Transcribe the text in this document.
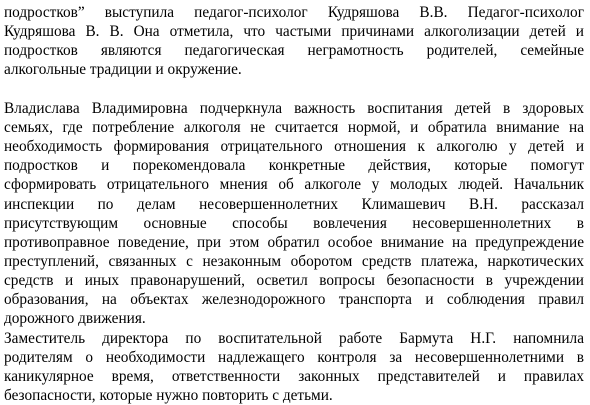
подростков” выступила педагог-психолог Кудряшова В.В. Педагог-психолог
Кудряшова В. В. Она отметила, что частыми причинами алкоголизации детей и
подростков являются педагогическая неграмотность родителей, семейные
алкогольные традиции и окружение.
Владислава Владимировна подчеркнула важность воспитания детей в здоровых
семьях, где потребление алкоголя не считается нормой, и обратила внимание на
необходимость формирования отрицательного отношения к алкоголю у детей и
подростков и порекомендовала конкретные действия, которые помогут
сформировать отрицательного мнения об алкоголе у молодых людей. Начальник
инспекции по делам несовершеннолетних Климашевич В.Н. рассказал
присутствующим основные способы вовлечения несовершеннолетних в
противоправное поведение, при этом обратил особое внимание на предупреждение
преступлений, связанных с незаконным оборотом средств платежа, наркотических
средств и иных правонарушений, осветил вопросы безопасности в учреждении
образования, на объектах железнодорожного транспорта и соблюдения правил
дорожного движения.
Заместитель директора по воспитательной работе Бармута Н.Г. напомнила
родителям о необходимости надлежащего контроля за несовершеннолетними в
каникулярное время, ответственности законных представителей и правилах
безопасности, которые нужно повторить с детьми.
